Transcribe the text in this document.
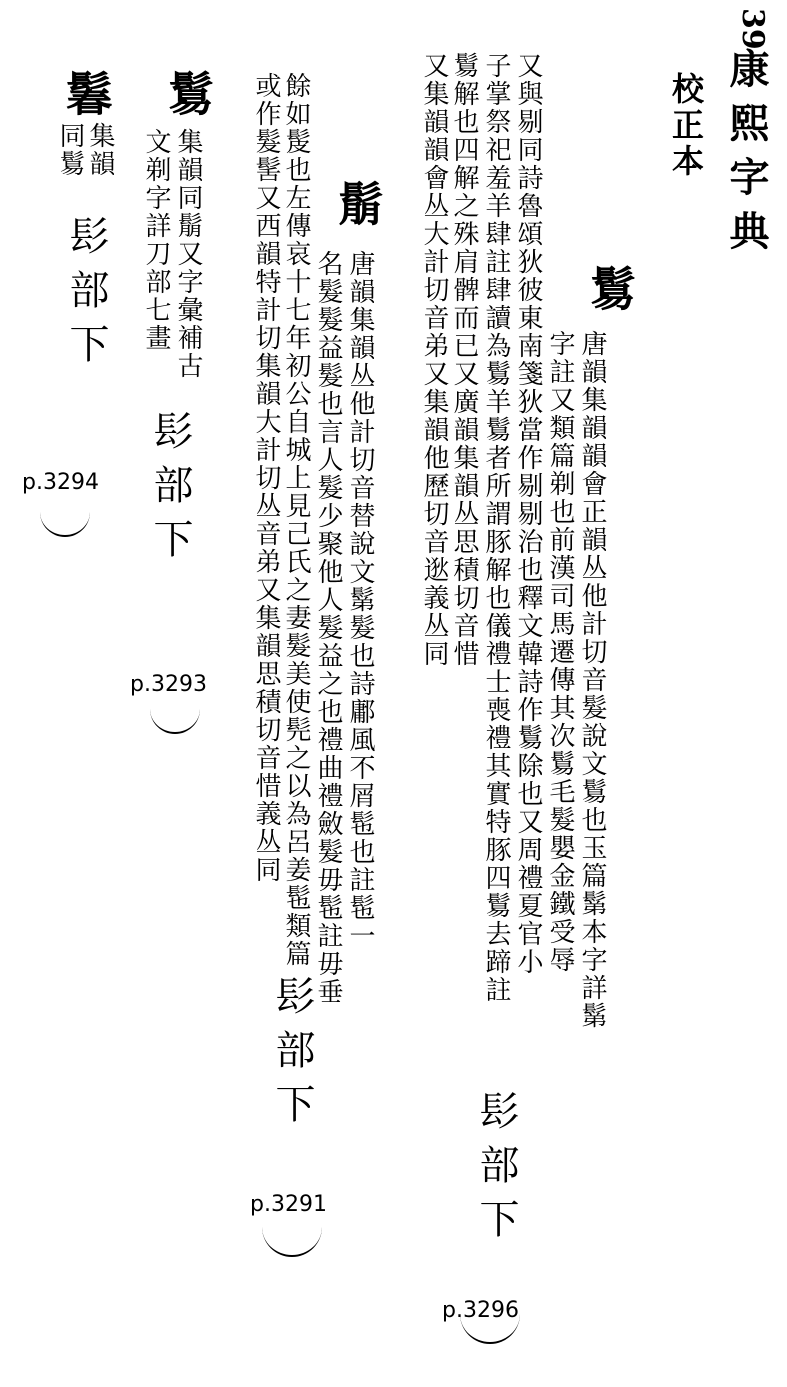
39
康熙字典
校正本
鬄
字註又類篇剃也前漢司馬遷傳其次鬄毛髮嬰金鐵受辱 唐韻集韻韻會正韻丛他計切音髮說文鬄也玉篇鬀本字詳鬀
又與剔同詩魯頌狄彼東南箋狄當作剔剔治也釋文韓詩作鬄除也又周禮夏官小
子掌祭祀羞羊肆註肆讀為鬄羊鬄者所謂豚解也儀禮士喪禮其實特豚四鬄去蹄註
鬄解也四解之殊肩髀而已又廣韻集韻丛思積切音惜
又集韻韻會丛大計切音弟又集韻他歷切音逖義丛同
髟部下
p.3296
鬅
唐韻集韻丛他計切音替說文鬀髮也詩鄘風不屑髢也註髢一
名髮髮益髮也言人髮少聚他人髮益之也禮曲禮斂髮毋髢註毋垂
餘如髲也左傳哀十七年初公自城上見己氏之妻髮美使髡之以為呂姜髢類篇
或作髮髺又西韻特計切集韻大計切丛音弟又集韻思積切音惜義丛同
髟部下
p.3291
鬄
集韻同鬅又字彙補古
文剃字詳刀部七畫
髟部下
p.3293
鬊
集韻
同鬄
髟部下
p.3294
